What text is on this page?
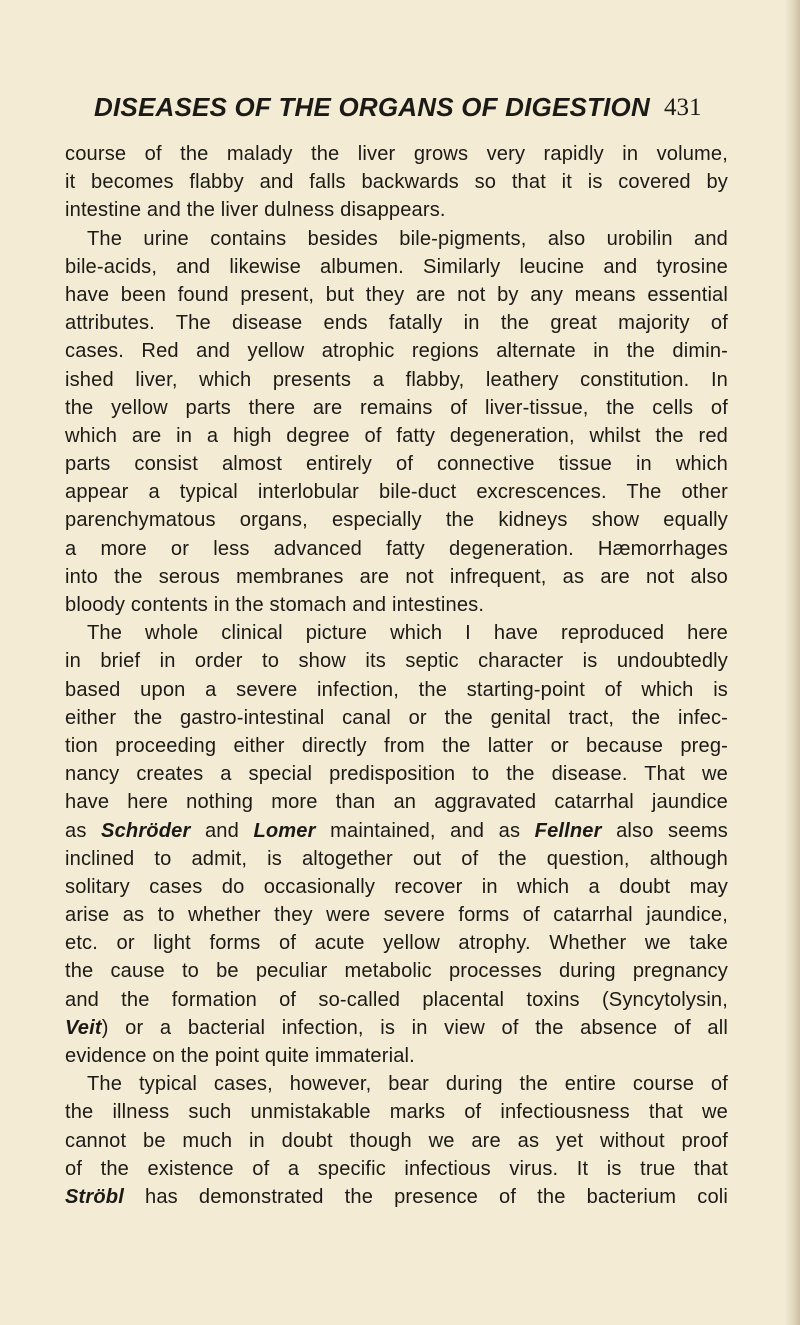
DISEASES OF THE ORGANS OF DIGESTION 431
course of the malady the liver grows very rapidly in volume,
it becomes flabby and falls backwards so that it is covered by
intestine and the liver dulness disappears.
The urine contains besides bile-pigments, also urobilin and
bile-acids, and likewise albumen. Similarly leucine and tyrosine
have been found present, but they are not by any means essential
attributes. The disease ends fatally in the great majority of
cases. Red and yellow atrophic regions alternate in the dimin-
ished liver, which presents a flabby, leathery constitution. In
the yellow parts there are remains of liver-tissue, the cells of
which are in a high degree of fatty degeneration, whilst the red
parts consist almost entirely of connective tissue in which
appear a typical interlobular bile-duct excrescences. The other
parenchymatous organs, especially the kidneys show equally
a more or less advanced fatty degeneration. Hæmorrhages
into the serous membranes are not infrequent, as are not also
bloody contents in the stomach and intestines.
The whole clinical picture which I have reproduced here
in brief in order to show its septic character is undoubtedly
based upon a severe infection, the starting-point of which is
either the gastro-intestinal canal or the genital tract, the infec-
tion proceeding either directly from the latter or because preg-
nancy creates a special predisposition to the disease. That we
have here nothing more than an aggravated catarrhal jaundice
as Schröder and Lomer maintained, and as Fellner also seems
inclined to admit, is altogether out of the question, although
solitary cases do occasionally recover in which a doubt may
arise as to whether they were severe forms of catarrhal jaundice,
etc. or light forms of acute yellow atrophy. Whether we take
the cause to be peculiar metabolic processes during pregnancy
and the formation of so-called placental toxins (Syncytolysin,
Veit) or a bacterial infection, is in view of the absence of all
evidence on the point quite immaterial.
The typical cases, however, bear during the entire course of
the illness such unmistakable marks of infectiousness that we
cannot be much in doubt though we are as yet without proof
of the existence of a specific infectious virus. It is true that
Ströbl has demonstrated the presence of the bacterium coli
